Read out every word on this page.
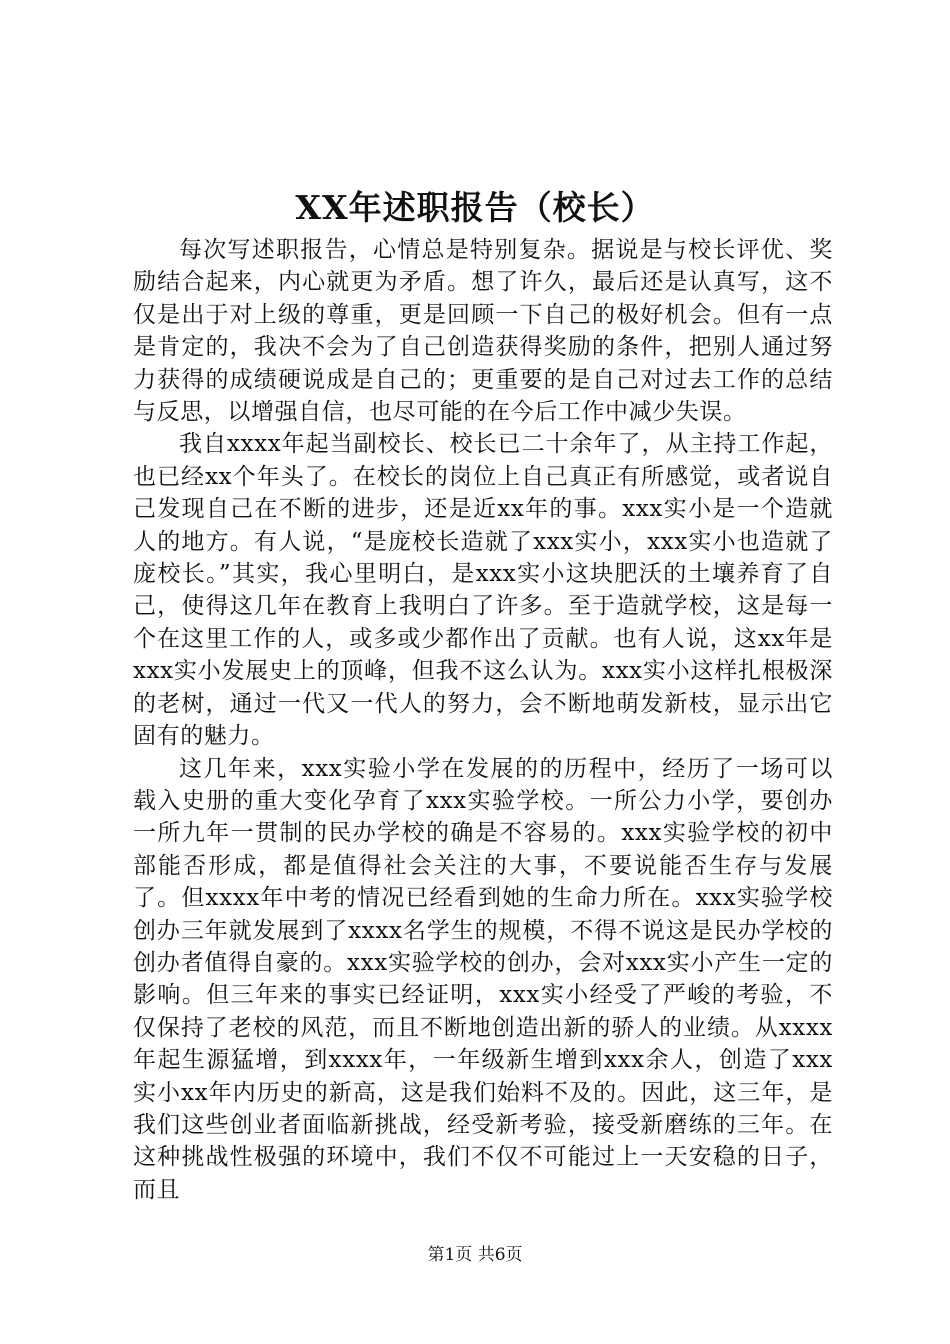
XX年述职报告（校长）

每次写述职报告，心情总是特别复杂。据说是与校长评优、奖励结合起来，内心就更为矛盾。想了许久，最后还是认真写，这不仅是出于对上级的尊重，更是回顾一下自己的极好机会。但有一点是肯定的，我决不会为了自己创造获得奖励的条件，把别人通过努力获得的成绩硬说成是自己的；更重要的是自己对过去工作的总结与反思，以增强自信，也尽可能的在今后工作中减少失误。

我自xxxx年起当副校长、校长已二十余年了，从主持工作起，也已经xx个年头了。在校长的岗位上自己真正有所感觉，或者说自己发现自己在不断的进步，还是近xx年的事。xxx实小是一个造就人的地方。有人说，“是庞校长造就了xxx实小，xxx实小也造就了庞校长。”其实，我心里明白，是xxx实小这块肥沃的土壤养育了自己，使得这几年在教育上我明白了许多。至于造就学校，这是每一个在这里工作的人，或多或少都作出了贡献。也有人说，这xx年是xxx实小发展史上的顶峰，但我不这么认为。xxx实小这样扎根极深的老树，通过一代又一代人的努力，会不断地萌发新枝，显示出它固有的魅力。

这几年来，xxx实验小学在发展的的历程中，经历了一场可以载入史册的重大变化孕育了xxx实验学校。一所公力小学，要创办一所九年一贯制的民办学校的确是不容易的。xxx实验学校的初中部能否形成，都是值得社会关注的大事，不要说能否生存与发展了。但xxxx年中考的情况已经看到她的生命力所在。xxx实验学校创办三年就发展到了xxxx名学生的规模，不得不说这是民办学校的创办者值得自豪的。xxx实验学校的创办，会对xxx实小产生一定的影响。但三年来的事实已经证明，xxx实小经受了严峻的考验，不仅保持了老校的风范，而且不断地创造出新的骄人的业绩。从xxxx年起生源猛增，到xxxx年，一年级新生增到xxx余人，创造了xxx实小xx年内历史的新高，这是我们始料不及的。因此，这三年，是我们这些创业者面临新挑战，经受新考验，接受新磨练的三年。在这种挑战性极强的环境中，我们不仅不可能过上一天安稳的日子，而且

第1页 共6页
